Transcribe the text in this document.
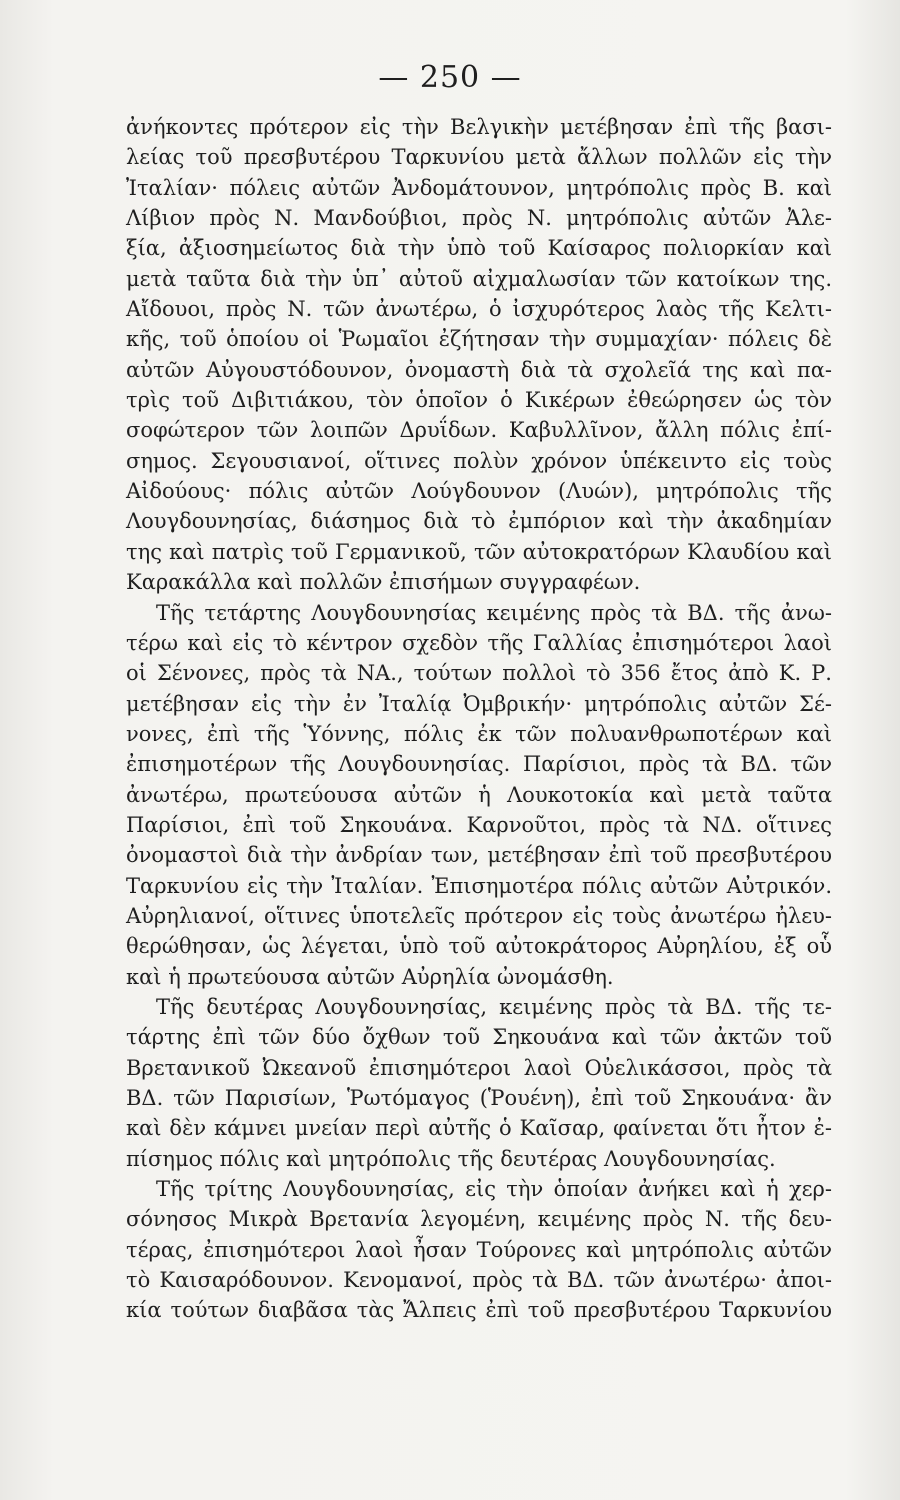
— 250 —
ἀνήκοντες πρότερον εἰς τὴν Βελγικὴν μετέβησαν ἐπὶ τῆς βασι-
λείας τοῦ πρεσβυτέρου Ταρκυνίου μετὰ ἄλλων πολλῶν εἰς τὴν
Ἰταλίαν· πόλεις αὐτῶν Ἀνδομάτουνον, μητρόπολις πρὸς Β. καὶ
Λίβιον πρὸς Ν. Μανδούβιοι, πρὸς Ν. μητρόπολις αὐτῶν Ἀλε-
ξία, ἀξιοσημείωτος διὰ τὴν ὑπὸ τοῦ Καίσαρος πολιορκίαν καὶ
μετὰ ταῦτα διὰ τὴν ὑπ᾽ αὐτοῦ αἰχμαλωσίαν τῶν κατοίκων της.
Αἴδουοι, πρὸς Ν. τῶν ἀνωτέρω, ὁ ἰσχυρότερος λαὸς τῆς Κελτι-
κῆς, τοῦ ὁποίου οἱ Ῥωμαῖοι ἐζήτησαν τὴν συμμαχίαν· πόλεις δὲ
αὐτῶν Αὐγουστόδουνον, ὀνομαστὴ διὰ τὰ σχολεῖά της καὶ πα-
τρὶς τοῦ Διβιτιάκου, τὸν ὁποῖον ὁ Κικέρων ἐθεώρησεν ὡς τὸν
σοφώτερον τῶν λοιπῶν Δρυΐδων. Καβυλλῖνον, ἄλλη πόλις ἐπί-
σημος. Σεγουσιανοί, οἵτινες πολὺν χρόνον ὑπέκειντο εἰς τοὺς
Αἰδούους· πόλις αὐτῶν Λούγδουνον (Λυών), μητρόπολις τῆς
Λουγδουνησίας, διάσημος διὰ τὸ ἐμπόριον καὶ τὴν ἀκαδημίαν
της καὶ πατρὶς τοῦ Γερμανικοῦ, τῶν αὐτοκρατόρων Κλαυδίου καὶ
Καρακάλλα καὶ πολλῶν ἐπισήμων συγγραφέων.
Τῆς τετάρτης Λουγδουνησίας κειμένης πρὸς τὰ ΒΔ. τῆς ἀνω-
τέρω καὶ εἰς τὸ κέντρον σχεδὸν τῆς Γαλλίας ἐπισημότεροι λαοὶ
οἱ Σένονες, πρὸς τὰ ΝΑ., τούτων πολλοὶ τὸ 356 ἔτος ἀπὸ Κ. Ρ.
μετέβησαν εἰς τὴν ἐν Ἰταλίᾳ Ὀμβρικήν· μητρόπολις αὐτῶν Σέ-
νονες, ἐπὶ τῆς Ὑόννης, πόλις ἐκ τῶν πολυανθρωποτέρων καὶ
ἐπισημοτέρων τῆς Λουγδουνησίας. Παρίσιοι, πρὸς τὰ ΒΔ. τῶν
ἀνωτέρω, πρωτεύουσα αὐτῶν ἡ Λουκοτοκία καὶ μετὰ ταῦτα
Παρίσιοι, ἐπὶ τοῦ Σηκουάνα. Καρνοῦτοι, πρὸς τὰ ΝΔ. οἵτινες
ὀνομαστοὶ διὰ τὴν ἀνδρίαν των, μετέβησαν ἐπὶ τοῦ πρεσβυτέρου
Ταρκυνίου εἰς τὴν Ἰταλίαν. Ἐπισημοτέρα πόλις αὐτῶν Αὐτρικόν.
Αὐρηλιανοί, οἵτινες ὑποτελεῖς πρότερον εἰς τοὺς ἀνωτέρω ἠλευ-
θερώθησαν, ὡς λέγεται, ὑπὸ τοῦ αὐτοκράτορος Αὐρηλίου, ἐξ οὗ
καὶ ἡ πρωτεύουσα αὐτῶν Αὐρηλία ὠνομάσθη.
Τῆς δευτέρας Λουγδουνησίας, κειμένης πρὸς τὰ ΒΔ. τῆς τε-
τάρτης ἐπὶ τῶν δύο ὄχθων τοῦ Σηκουάνα καὶ τῶν ἀκτῶν τοῦ
Βρετανικοῦ Ὠκεανοῦ ἐπισημότεροι λαοὶ Οὐελικάσσοι, πρὸς τὰ
ΒΔ. τῶν Παρισίων, Ῥωτόμαγος (Ῥουένη), ἐπὶ τοῦ Σηκουάνα· ἂν
καὶ δὲν κάμνει μνείαν περὶ αὐτῆς ὁ Καῖσαρ, φαίνεται ὅτι ἦτον ἐ-
πίσημος πόλις καὶ μητρόπολις τῆς δευτέρας Λουγδουνησίας.
Τῆς τρίτης Λουγδουνησίας, εἰς τὴν ὁποίαν ἀνήκει καὶ ἡ χερ-
σόνησος Μικρὰ Βρετανία λεγομένη, κειμένης πρὸς Ν. τῆς δευ-
τέρας, ἐπισημότεροι λαοὶ ἦσαν Τούρονες καὶ μητρόπολις αὐτῶν
τὸ Καισαρόδουνον. Κενομανοί, πρὸς τὰ ΒΔ. τῶν ἀνωτέρω· ἀποι-
κία τούτων διαβᾶσα τὰς Ἄλπεις ἐπὶ τοῦ πρεσβυτέρου Ταρκυνίου
